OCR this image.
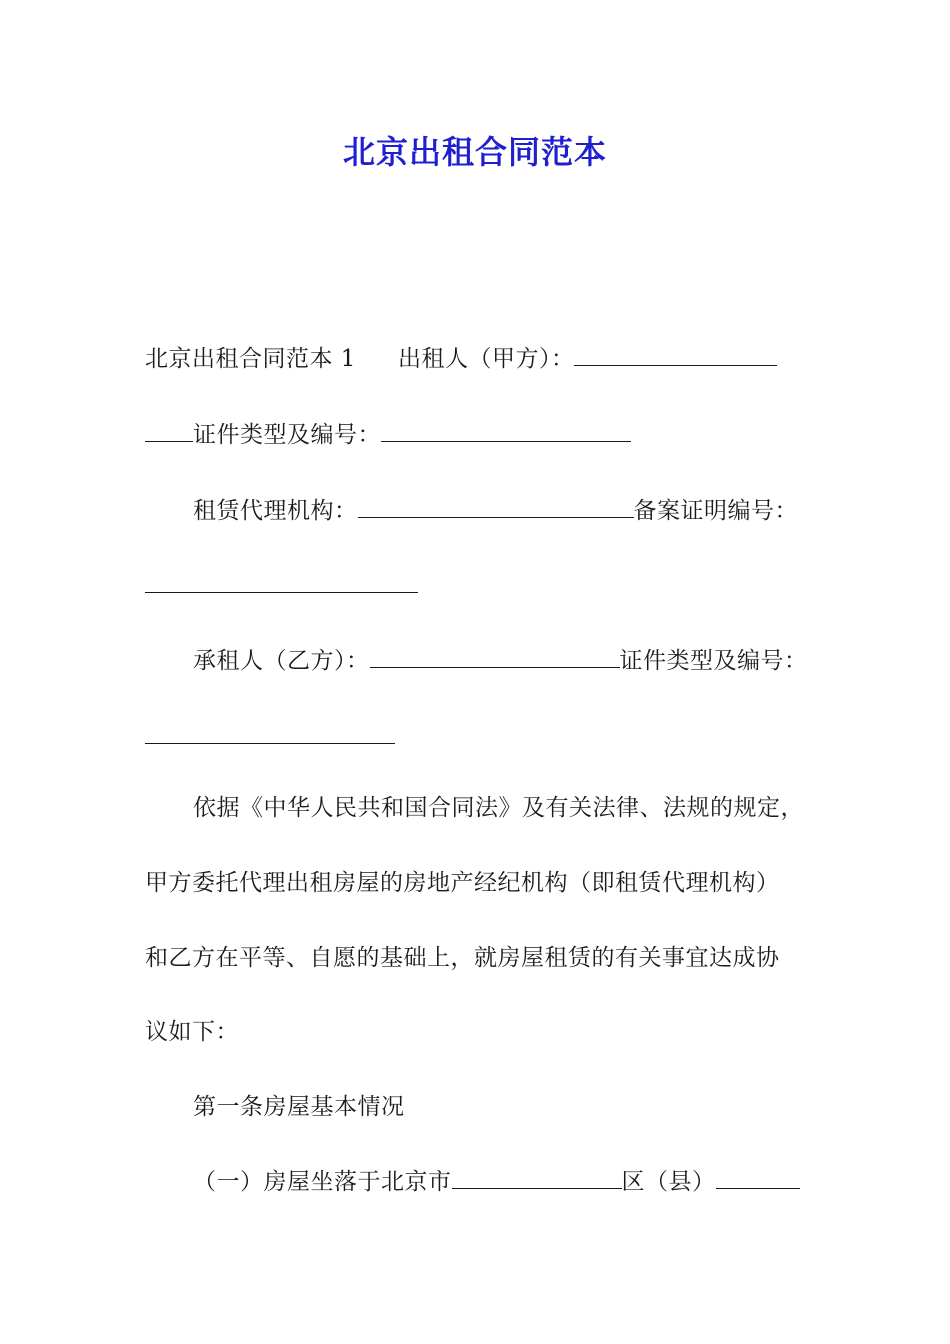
北京出租合同范本
北京出租合同范本 1 出租人（甲方）：
证件类型及编号：
租赁代理机构：	备案证明编号：
承租人（乙方）：	证件类型及编号：
依据《中华人民共和国合同法》及有关法律、法规的规定，
甲方委托代理出租房屋的房地产经纪机构（即租赁代理机构）
和乙方在平等、自愿的基础上，就房屋租赁的有关事宜达成协
议如下：
第一条房屋基本情况
（一）房屋坐落于北京市	区（县）
